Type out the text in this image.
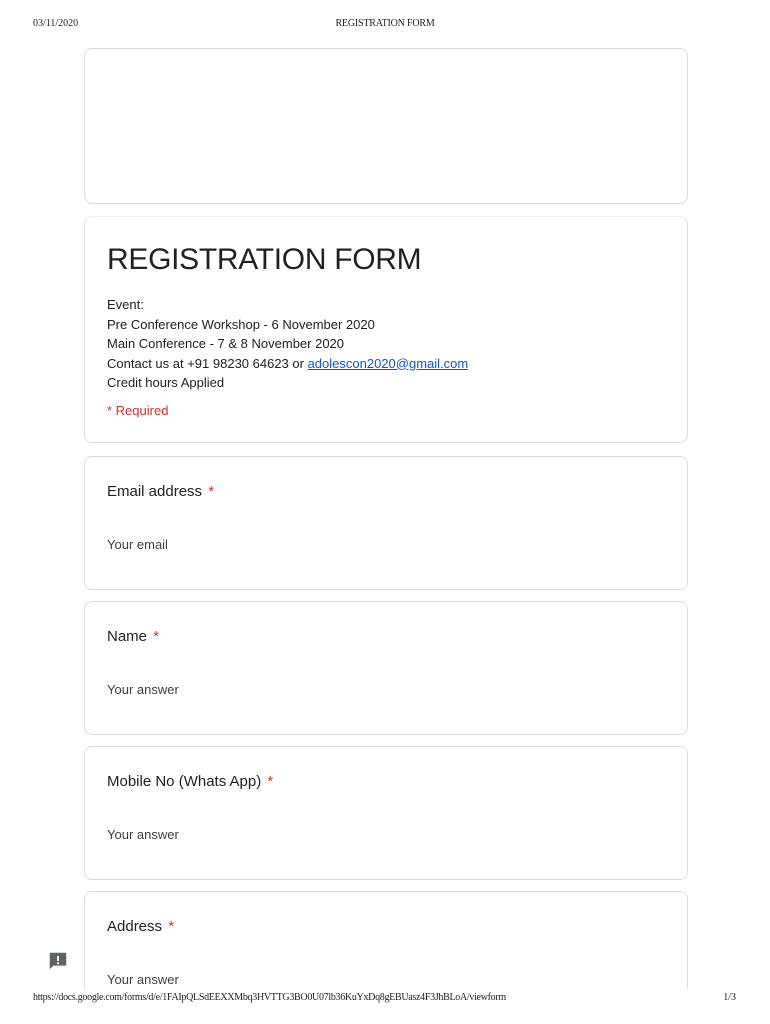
03/11/2020	REGISTRATION FORM
REGISTRATION FORM
Event:
Pre Conference Workshop - 6 November 2020
Main Conference - 7 & 8 November 2020
Contact us at +91 98230 64623 or adolescon2020@gmail.com
Credit hours Applied
* Required
Email address *
Your email
Name *
Your answer
Mobile No (Whats App) *
Your answer
Address *
Your answer
https://docs.google.com/forms/d/e/1FAIpQLSdEEXXMbq3HVTTG3BO0U07lb36KuYxDq8gEBUasz4F3JhBLoA/viewform	1/3
